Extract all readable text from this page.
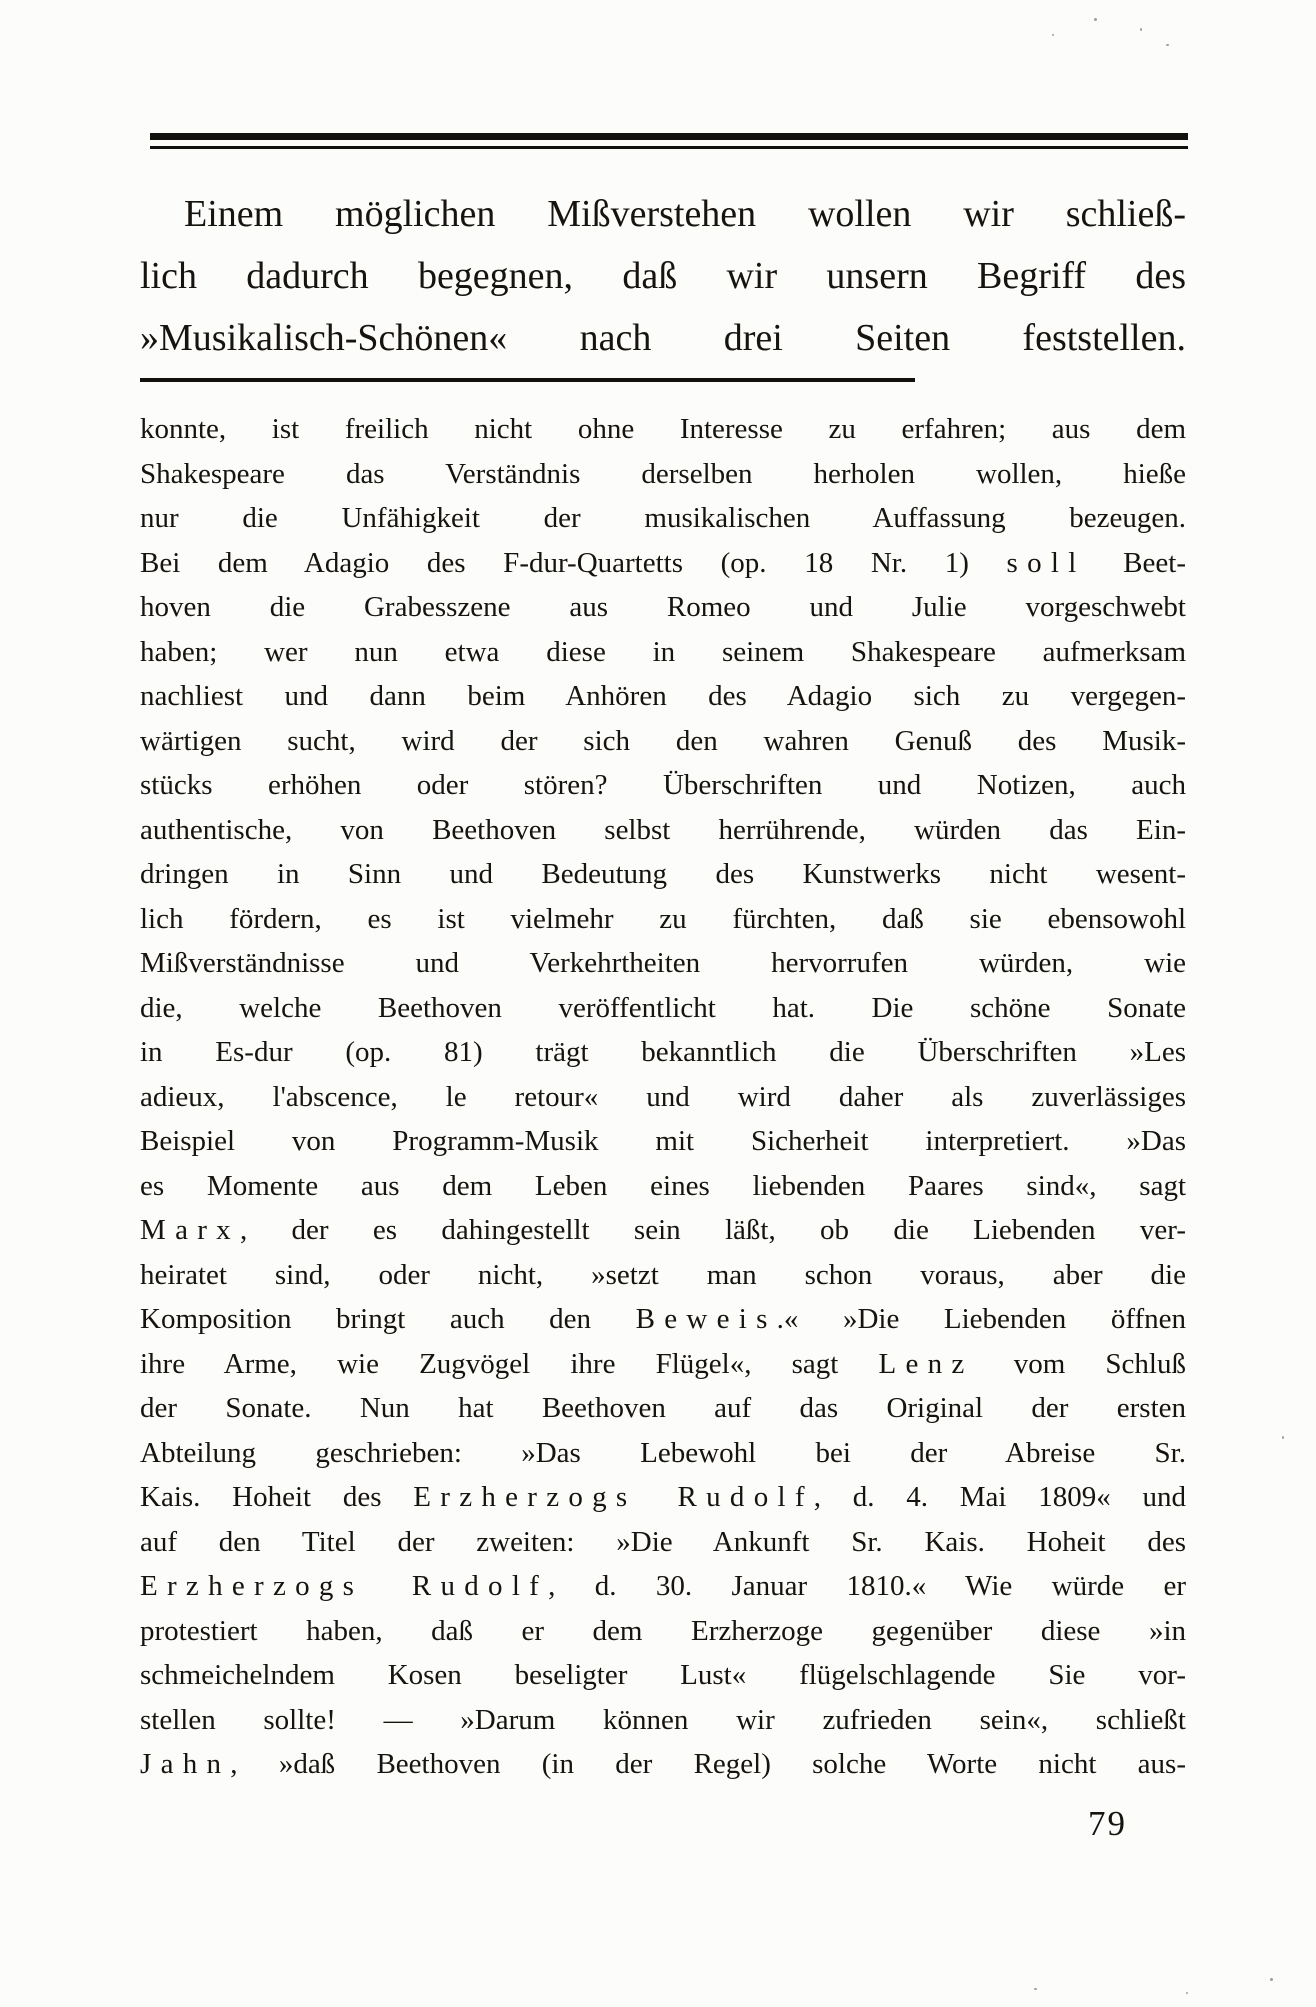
Einem möglichen Mißverstehen wollen wir schließ-
lich dadurch begegnen, daß wir unsern Begriff des
»Musikalisch-Schönen« nach drei Seiten feststellen.
konnte, ist freilich nicht ohne Interesse zu erfahren; aus dem
Shakespeare das Verständnis derselben herholen wollen, hieße
nur die Unfähigkeit der musikalischen Auffassung bezeugen.
Bei dem Adagio des F-dur-Quartetts (op. 18 Nr. 1) soll Beet-
hoven die Grabesszene aus Romeo und Julie vorgeschwebt
haben; wer nun etwa diese in seinem Shakespeare aufmerksam
nachliest und dann beim Anhören des Adagio sich zu vergegen-
wärtigen sucht, wird der sich den wahren Genuß des Musik-
stücks erhöhen oder stören? Überschriften und Notizen, auch
authentische, von Beethoven selbst herrührende, würden das Ein-
dringen in Sinn und Bedeutung des Kunstwerks nicht wesent-
lich fördern, es ist vielmehr zu fürchten, daß sie ebensowohl
Mißverständnisse und Verkehrtheiten hervorrufen würden, wie
die, welche Beethoven veröffentlicht hat. Die schöne Sonate
in Es-dur (op. 81) trägt bekanntlich die Überschriften »Les
adieux, l'abscence, le retour« und wird daher als zuverlässiges
Beispiel von Programm-Musik mit Sicherheit interpretiert. »Das
es Momente aus dem Leben eines liebenden Paares sind«, sagt
Marx, der es dahingestellt sein läßt, ob die Liebenden ver-
heiratet sind, oder nicht, »setzt man schon voraus, aber die
Komposition bringt auch den Beweis.« »Die Liebenden öffnen
ihre Arme, wie Zugvögel ihre Flügel«, sagt Lenz vom Schluß
der Sonate. Nun hat Beethoven auf das Original der ersten
Abteilung geschrieben: »Das Lebewohl bei der Abreise Sr.
Kais. Hoheit des Erzherzogs Rudolf, d. 4. Mai 1809« und
auf den Titel der zweiten: »Die Ankunft Sr. Kais. Hoheit des
Erzherzogs Rudolf, d. 30. Januar 1810.« Wie würde er
protestiert haben, daß er dem Erzherzoge gegenüber diese »in
schmeichelndem Kosen beseligter Lust« flügelschlagende Sie vor-
stellen sollte! — »Darum können wir zufrieden sein«, schließt
Jahn, »daß Beethoven (in der Regel) solche Worte nicht aus-
79
